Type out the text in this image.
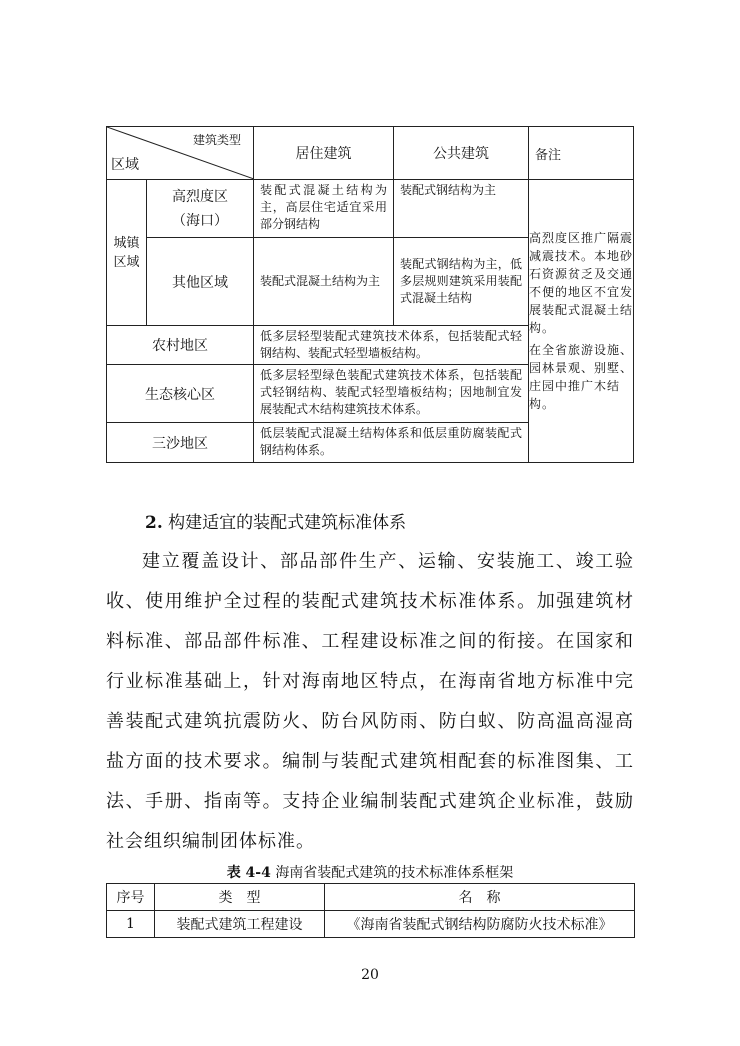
建筑类型
区域		居住建筑	公共建筑	备注
城镇区域	高烈度区（海口）	装配式混凝土结构为主，高层住宅适宜采用部分钢结构	装配式钢结构为主	高烈度区推广隔震减震技术。本地砂石资源贫乏及交通不便的地区不宜发展装配式混凝土结构。
在全省旅游设施、园林景观、别墅、庄园中推广木结构。

	其他区域	装配式混凝土结构为主	装配式钢结构为主，低多层规则建筑采用装配式混凝土结构	
农村地区		低多层轻型装配式建筑技术体系，包括装配式轻钢结构、装配式轻型墙板结构。		
生态核心区		低多层轻型绿色装配式建筑技术体系，包括装配式轻钢结构、装配式轻型墙板结构；因地制宜发展装配式木结构建筑技术体系。		
三沙地区		低层装配式混凝土结构体系和低层重防腐装配式钢结构体系。		
2. 构建适宜的装配式建筑标准体系
建立覆盖设计、部品部件生产、运输、安装施工、竣工验收、使用维护全过程的装配式建筑技术标准体系。加强建筑材料标准、部品部件标准、工程建设标准之间的衔接。在国家和行业标准基础上，针对海南地区特点，在海南省地方标准中完善装配式建筑抗震防火、防台风防雨、防白蚁、防高温高湿高盐方面的技术要求。编制与装配式建筑相配套的标准图集、工法、手册、指南等。支持企业编制装配式建筑企业标准，鼓励社会组织编制团体标准。
表 4-4 海南省装配式建筑的技术标准体系框架
序号	类　型	名　称
1	装配式建筑工程建设	《海南省装配式钢结构防腐防火技术标准》
20
